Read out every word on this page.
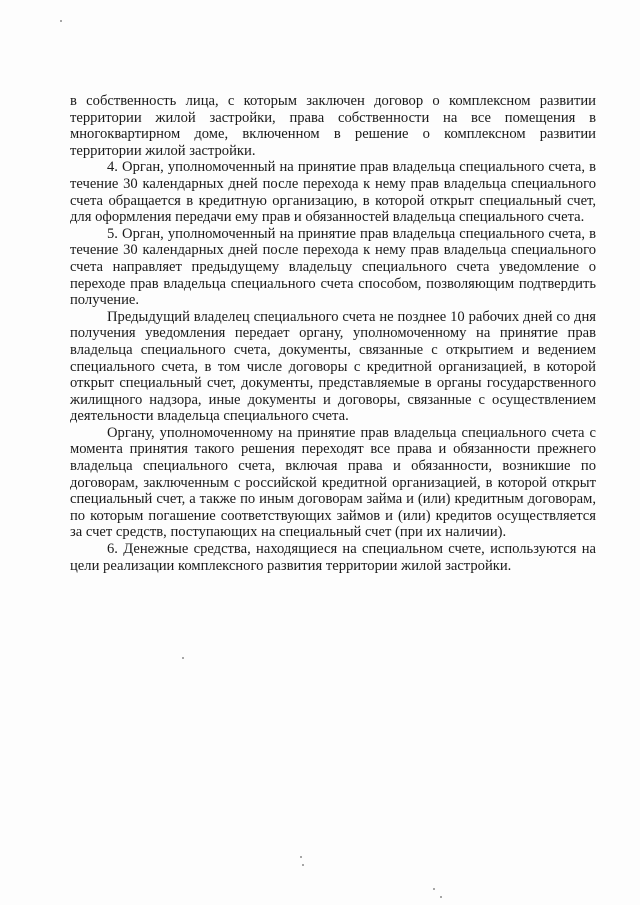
в собственность лица, с которым заключен договор о комплексном развитии территории жилой застройки, права собственности на все помещения в многоквартирном доме, включенном в решение о комплексном развитии территории жилой застройки.

4. Орган, уполномоченный на принятие прав владельца специального счета, в течение 30 календарных дней после перехода к нему прав владельца специального счета обращается в кредитную организацию, в которой открыт специальный счет, для оформления передачи ему прав и обязанностей владельца специального счета.

5. Орган, уполномоченный на принятие прав владельца специального счета, в течение 30 календарных дней после перехода к нему прав владельца специального счета направляет предыдущему владельцу специального счета уведомление о переходе прав владельца специального счета способом, позволяющим подтвердить получение.

Предыдущий владелец специального счета не позднее 10 рабочих дней со дня получения уведомления передает органу, уполномоченному на принятие прав владельца специального счета, документы, связанные с открытием и ведением специального счета, в том числе договоры с кредитной организацией, в которой открыт специальный счет, документы, представляемые в органы государственного жилищного надзора, иные документы и договоры, связанные с осуществлением деятельности владельца специального счета.

Органу, уполномоченному на принятие прав владельца специального счета с момента принятия такого решения переходят все права и обязанности прежнего владельца специального счета, включая права и обязанности, возникшие по договорам, заключенным с российской кредитной организацией, в которой открыт специальный счет, а также по иным договорам займа и (или) кредитным договорам, по которым погашение соответствующих займов и (или) кредитов осуществляется за счет средств, поступающих на специальный счет (при их наличии).

6. Денежные средства, находящиеся на специальном счете, используются на цели реализации комплексного развития территории жилой застройки.
